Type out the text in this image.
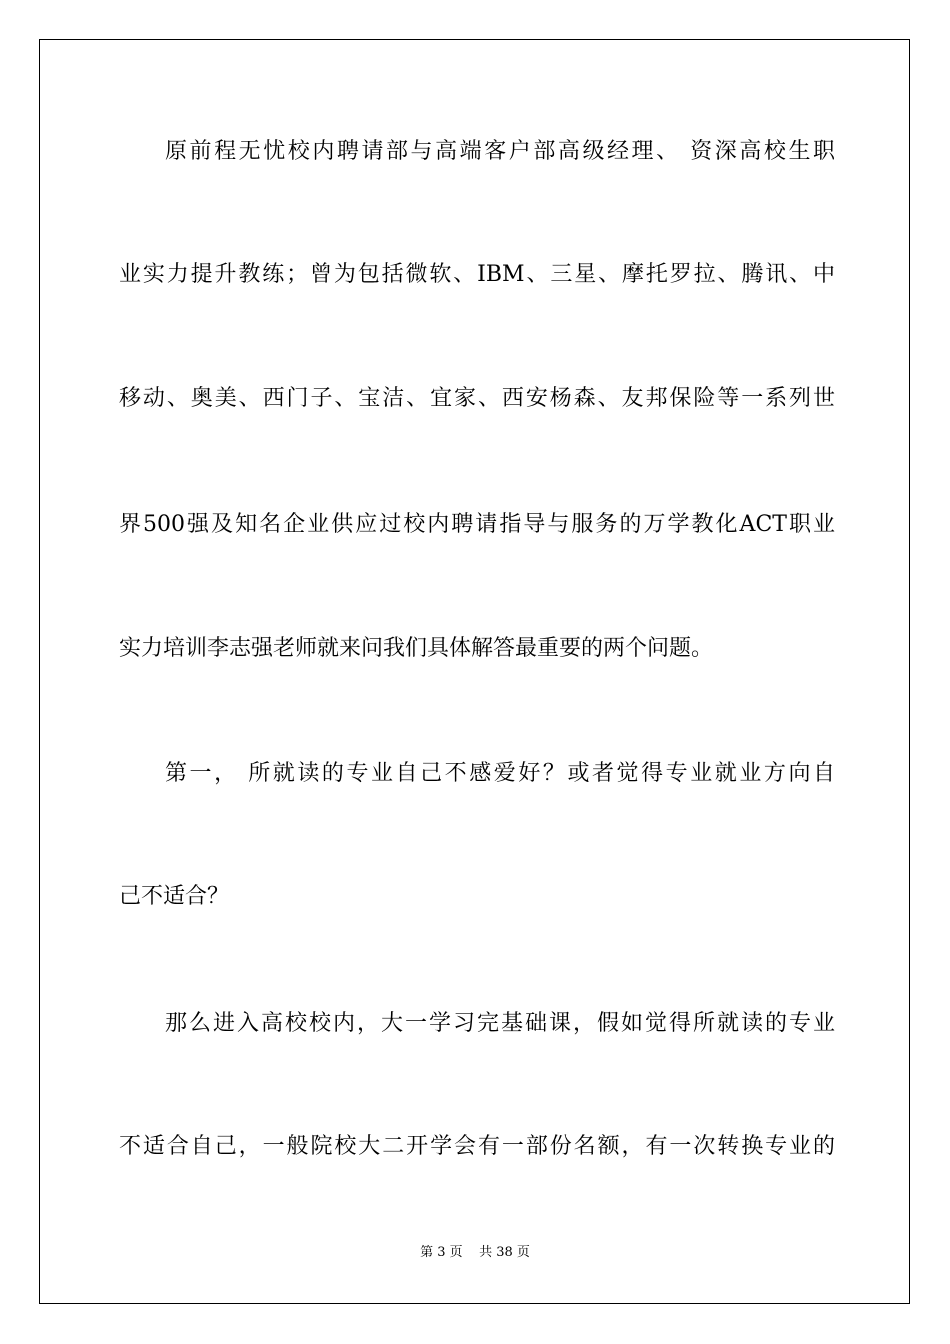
原前程无忧校内聘请部与高端客户部高级经理、 资深高校生职
业实力提升教练；曾为包括微软、IBM、三星、摩托罗拉、腾讯、中
移动、奥美、西门子、宝洁、宜家、西安杨森、友邦保险等一系列世
界500强及知名企业供应过校内聘请指导与服务的万学教化ACT职业
实力培训李志强老师就来问我们具体解答最重要的两个问题。
第一， 所就读的专业自己不感爱好？或者觉得专业就业方向自
己不适合？
那么进入高校校内，大一学习完基础课，假如觉得所就读的专业
不适合自己，一般院校大二开学会有一部份名额，有一次转换专业的
第 3 页    共 38 页
